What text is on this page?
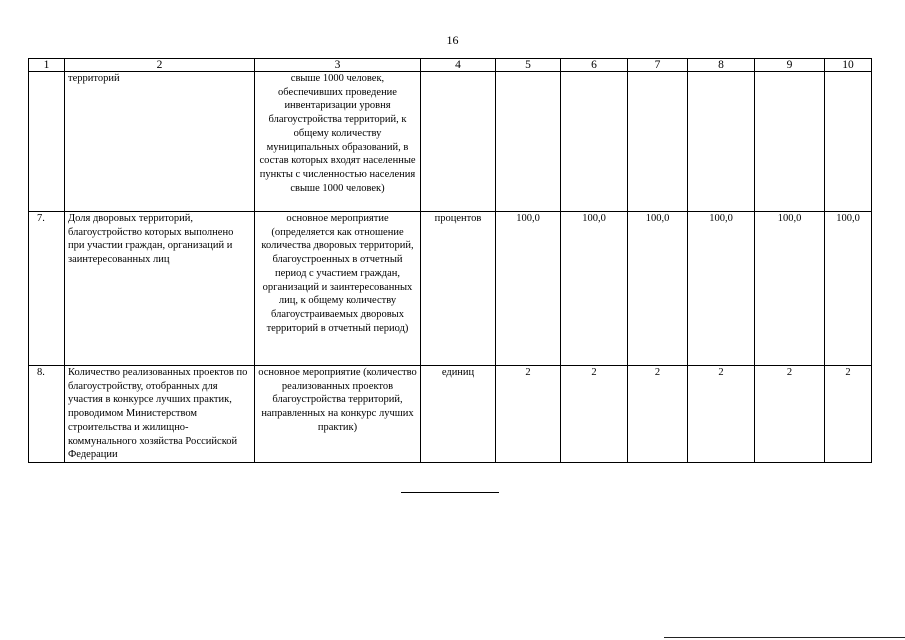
16
1	2	3	4	5	6	7	8	9	10
	территорий	свыше 1000 человек, обеспечивших проведение инвентаризации уровня благоустройства территорий, к общему количеству муниципальных образований, в состав которых входят населенные пункты с численностью населения свыше 1000 человек)							
7.	Доля дворовых территорий, благоустройство которых выполнено при участии граждан, организаций и заинтересованных лиц	основное мероприятие (определяется как отношение количества дворовых территорий, благоустроенных в отчетный период с участием граждан, организаций и заинтересованных лиц, к общему количеству благоустраиваемых дворовых территорий в отчетный период)	процентов	100,0	100,0	100,0	100,0	100,0	100,0
8.	Количество реализованных проектов по благоустройству, отобранных для участия в конкурсе лучших практик, проводимом Министерством строительства и жилищно-коммунального хозяйства Российской Федерации	основное мероприятие (количество реализованных проектов благоустройства территорий, направленных на конкурс лучших практик)	единиц	2	2	2	2	2	2
